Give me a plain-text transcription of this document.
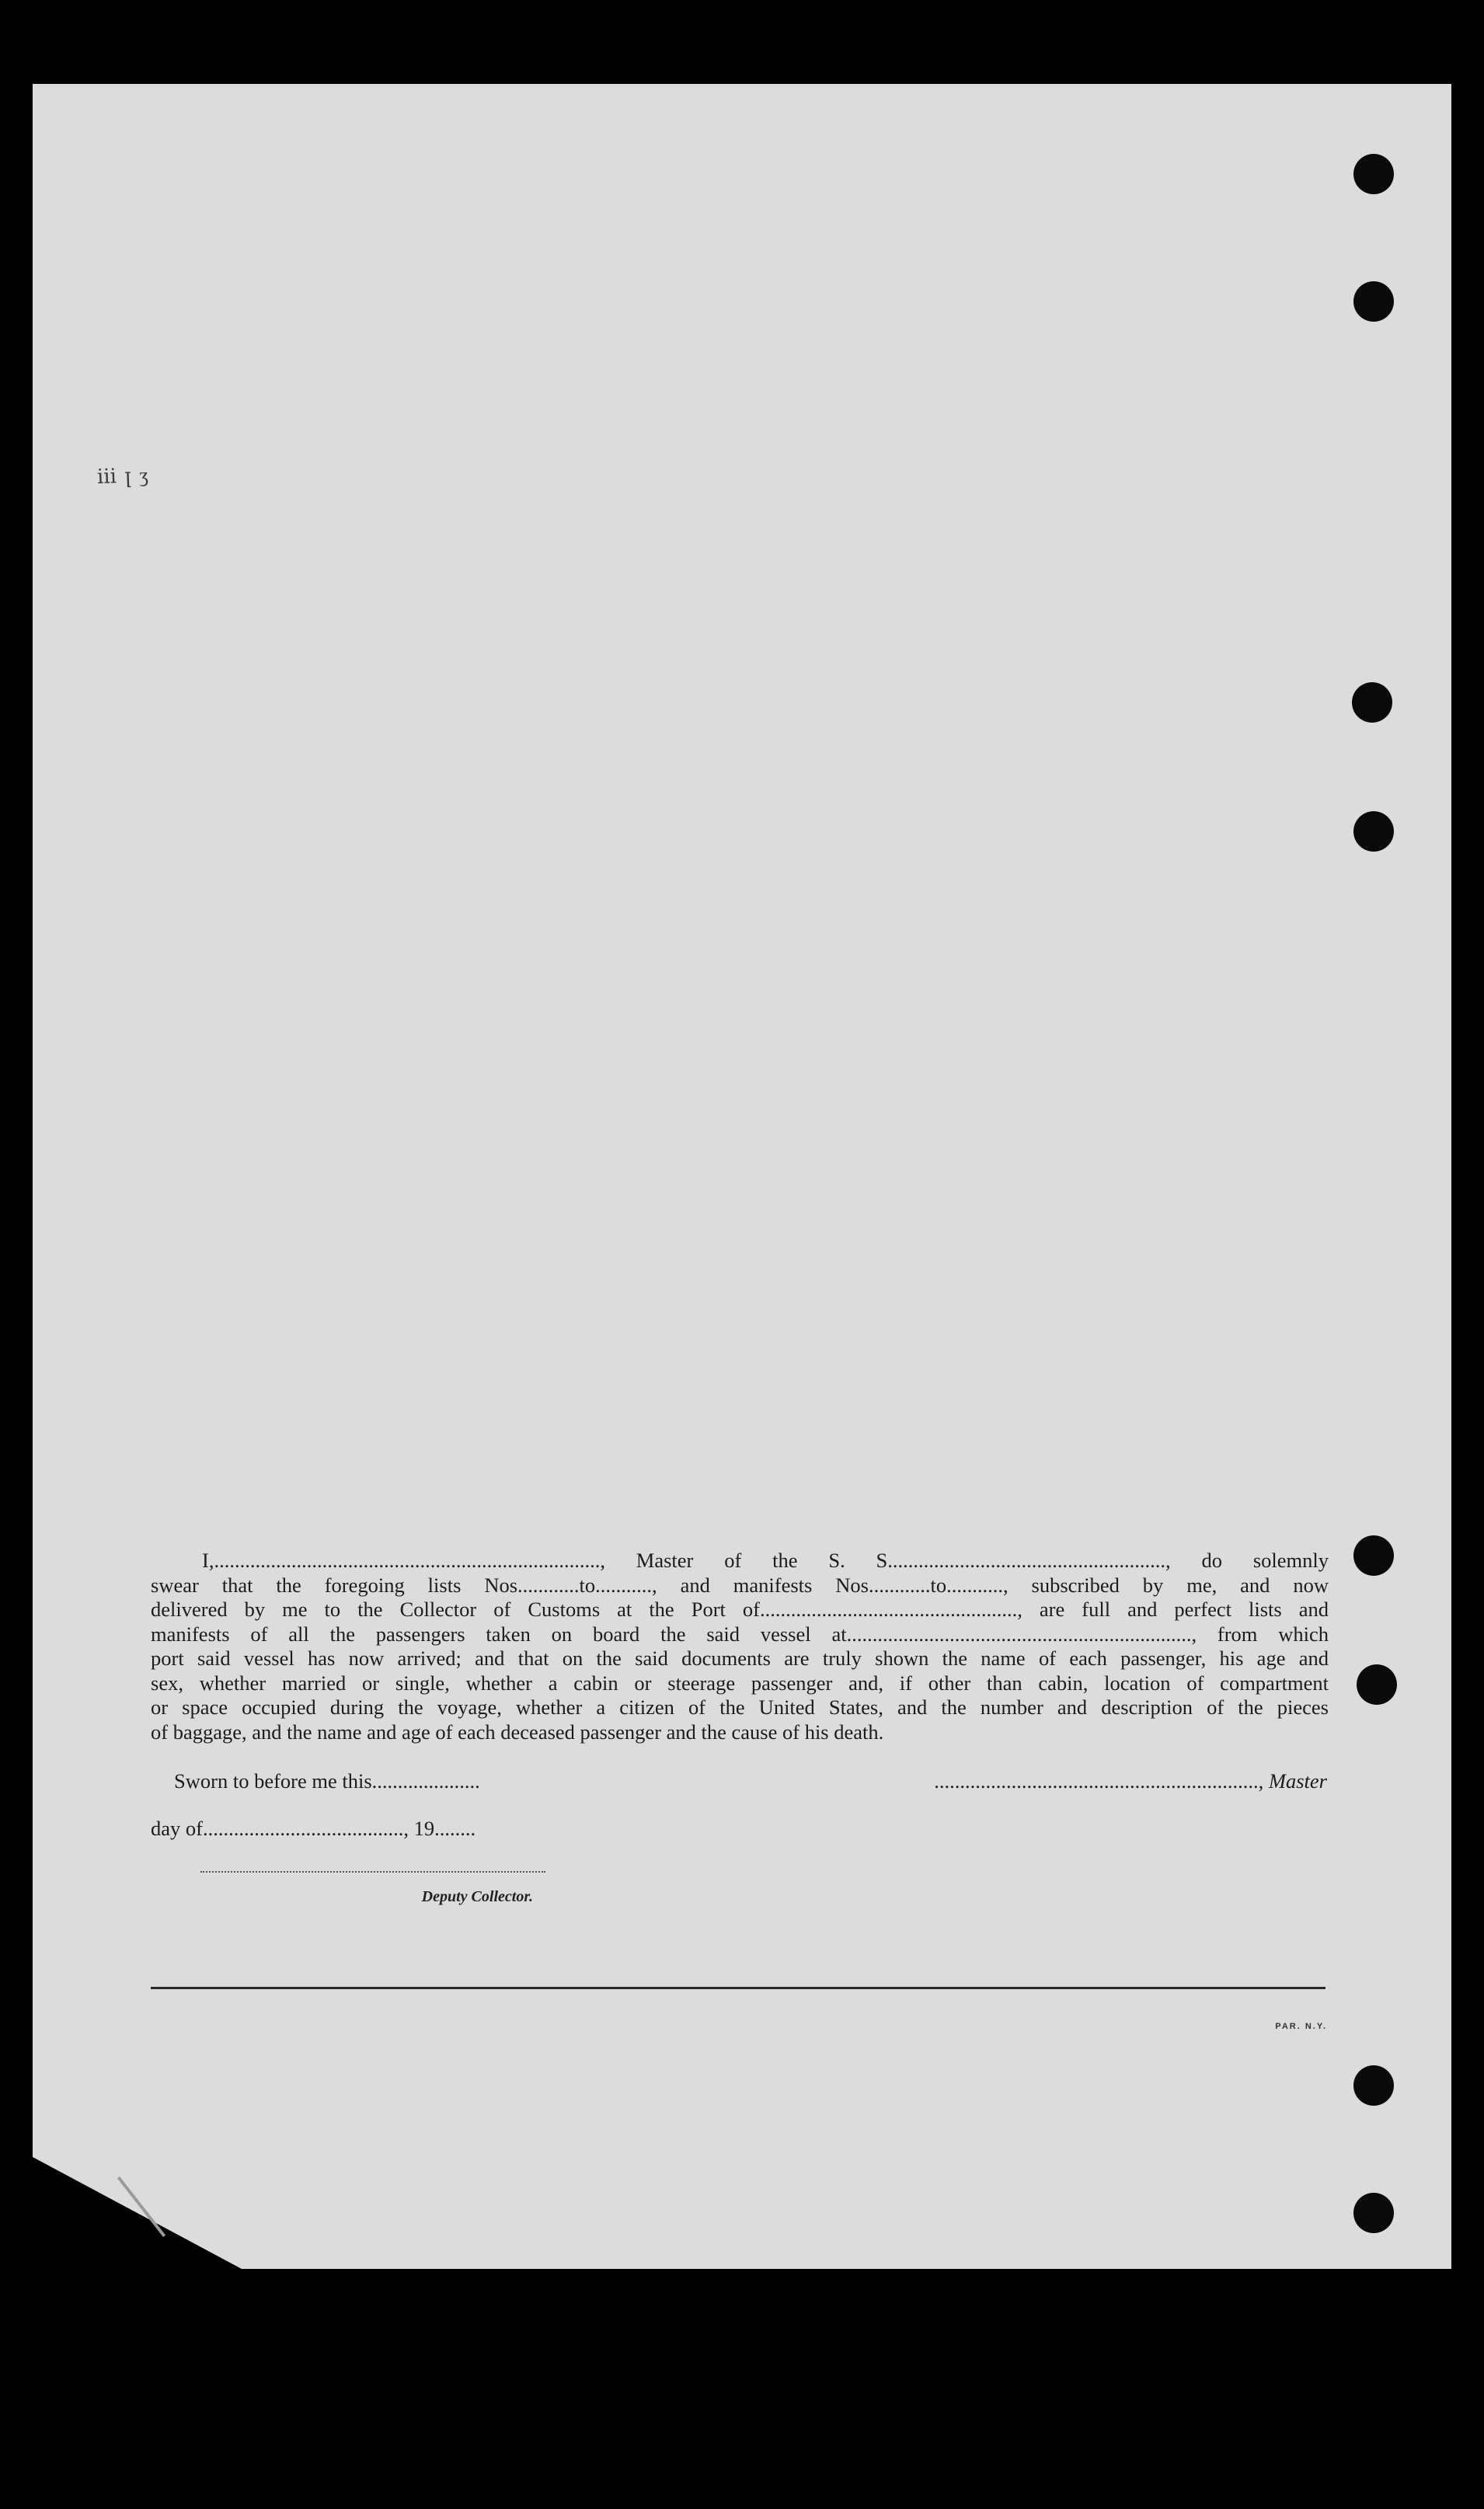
ⅲ ꞁ ʒ
I,..........................................................................., Master of the S. S......................................................, do solemnly
swear that the foregoing lists Nos............to..........., and manifests Nos............to..........., subscribed by me, and now
delivered by me to the Collector of Customs at the Port of.................................................., are full and perfect lists and
manifests of all the passengers taken on board the said vessel at..................................................................., from which
port said vessel has now arrived; and that on the said documents are truly shown the name of each passenger, his age and
sex, whether married or single, whether a cabin or steerage passenger and, if other than cabin, location of compartment
or space occupied during the voyage, whether a citizen of the United States, and the number and description of the pieces
of baggage, and the name and age of each deceased passenger and the cause of his death.
Sworn to before me this.....................	..............................................................., Master
day of......................................., 19........
Deputy Collector.
PAR. N.Y.
